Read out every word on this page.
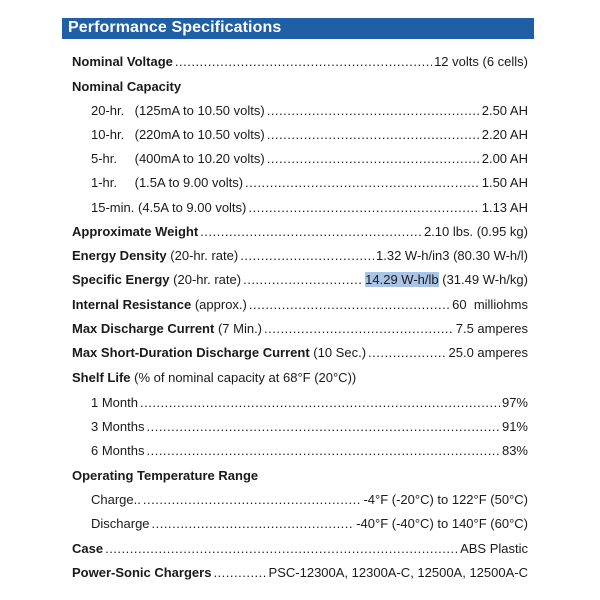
Performance Specifications
Nominal Voltage .....	12 volts (6 cells)
Nominal Capacity
20-hr. (125mA to 10.50 volts) .....	2.50 AH
10-hr. (220mA to 10.50 volts) .....	2.20 AH
5-hr. (400mA to 10.20 volts) .....	2.00 AH
1-hr. (1.5A to 9.00 volts) .....	1.50 AH
15-min. (4.5A to 9.00 volts) .....	1.13 AH
Approximate Weight .....	2.10 lbs. (0.95 kg)
Energy Density (20-hr. rate) .....	1.32 W-h/in3 (80.30 W-h/l)
Specific Energy (20-hr. rate) .....	14.29 W-h/lb (31.49 W-h/kg)
Internal Resistance (approx.) .....	60  milliohms
Max Discharge Current (7 Min.) .....	7.5 amperes
Max Short-Duration Discharge Current (10 Sec.) .....	25.0 amperes
Shelf Life (% of nominal capacity at 68°F (20°C))
1 Month .....	97%
3 Months .....	91%
6 Months .....	83%
Operating Temperature Range
Charge.. .....	-4°F (-20°C) to 122°F (50°C)
Discharge .....	-40°F (-40°C) to 140°F (60°C)
Case .....	ABS Plastic
Power-Sonic Chargers .....	PSC-12300A, 12300A-C, 12500A, 12500A-C
